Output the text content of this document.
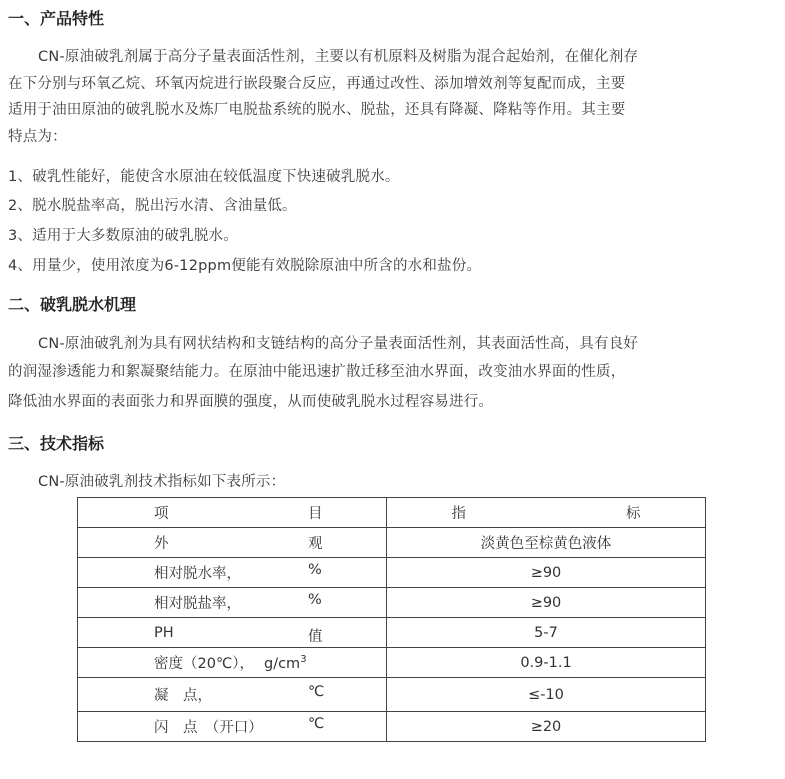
一、产品特性
CN-原油破乳剂属于高分子量表面活性剂，主要以有机原料及树脂为混合起始剂，在催化剂存
在下分别与环氧乙烷、环氧丙烷进行嵌段聚合反应，再通过改性、添加增效剂等复配而成，主要
适用于油田原油的破乳脱水及炼厂电脱盐系统的脱水、脱盐，还具有降凝、降粘等作用。其主要
特点为：
1、破乳性能好，能使含水原油在较低温度下快速破乳脱水。
2、脱水脱盐率高，脱出污水清、含油量低。
3、适用于大多数原油的破乳脱水。
4、用量少，使用浓度为6-12ppm便能有效脱除原油中所含的水和盐份。
二、破乳脱水机理
CN-原油破乳剂为具有网状结构和支链结构的高分子量表面活性剂，其表面活性高，具有良好
的润湿渗透能力和絮凝聚结能力。在原油中能迅速扩散迁移至油水界面，改变油水界面的性质，
降低油水界面的表面张力和界面膜的强度，从而使破乳脱水过程容易进行。
三、技术指标
CN-原油破乳剂技术指标如下表所示：
项 目	指 标
外 观	淡黄色至棕黄色液体
相对脱水率， %	≥90
相对脱盐率， %	≥90
PH 值	5-7
密度（20℃）， $g/cm^3$	0.9-1.1
凝　点， ℃	≤-10
闪　点　（开口） ℃	≥20
